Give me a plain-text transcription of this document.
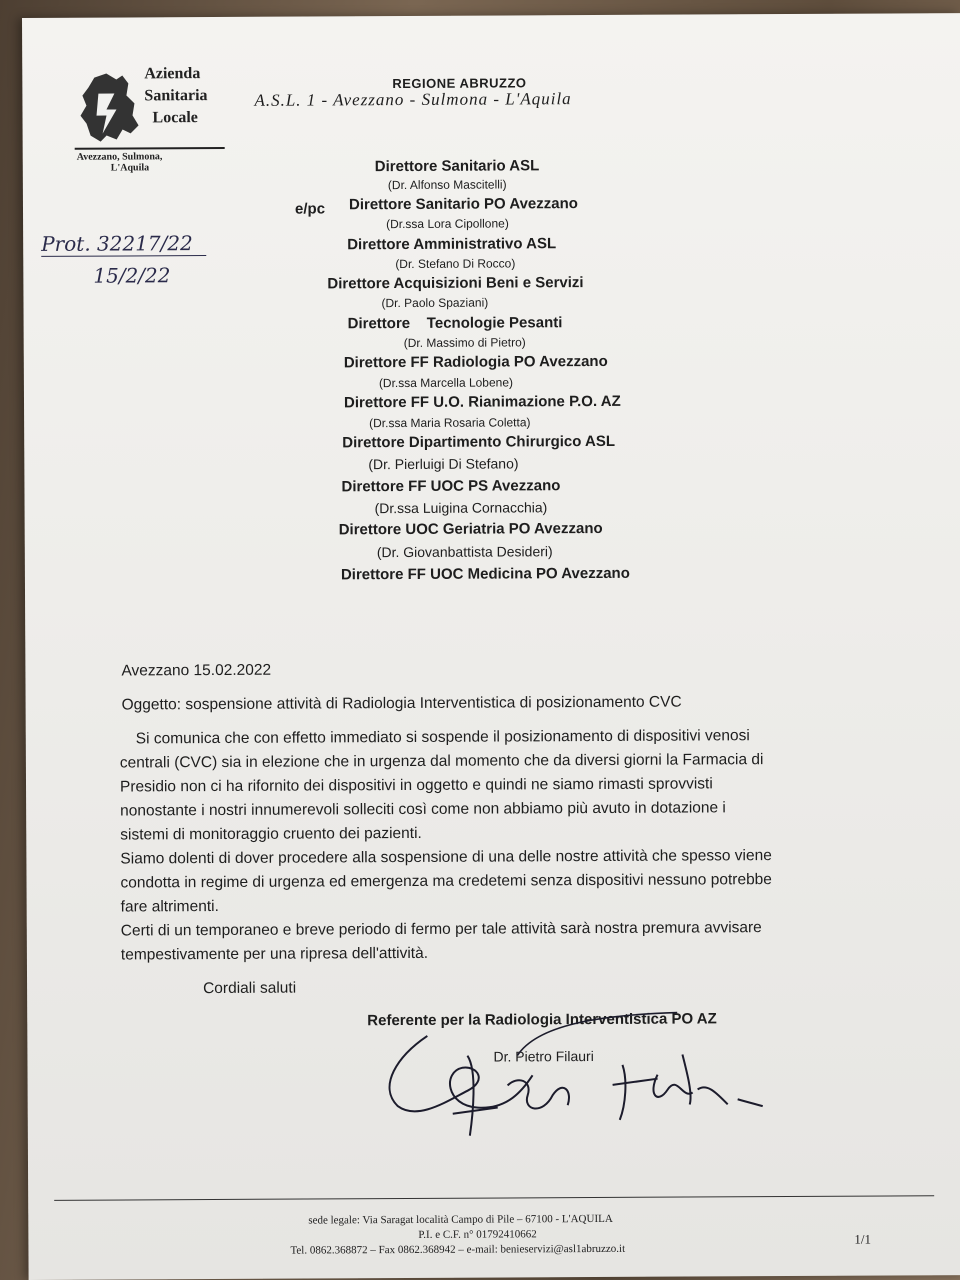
Azienda
Sanitaria
Locale
Avezzano, Sulmona,
L'Aquila
REGIONE ABRUZZO
A.S.L. 1 - Avezzano - Sulmona - L'Aquila
Prot. 32217/22
15/2/22
e/pc
Direttore Sanitario ASL
(Dr. Alfonso Mascitelli)
Direttore Sanitario PO Avezzano
(Dr.ssa Lora Cipollone)
Direttore Amministrativo ASL
(Dr. Stefano Di Rocco)
Direttore Acquisizioni Beni e Servizi
(Dr. Paolo Spaziani)
Direttore    Tecnologie Pesanti
(Dr. Massimo di Pietro)
Direttore FF Radiologia PO Avezzano
(Dr.ssa Marcella Lobene)
Direttore FF U.O. Rianimazione P.O. AZ
(Dr.ssa Maria Rosaria Coletta)
Direttore Dipartimento Chirurgico ASL
(Dr. Pierluigi Di Stefano)
Direttore FF UOC PS Avezzano
(Dr.ssa Luigina Cornacchia)
Direttore UOC Geriatria PO Avezzano
(Dr. Giovanbattista Desideri)
Direttore FF UOC Medicina PO Avezzano
Avezzano 15.02.2022
Oggetto: sospensione attività di Radiologia Interventistica di posizionamento CVC
Si comunica che con effetto immediato si sospende il posizionamento di dispositivi venosi
centrali (CVC) sia in elezione che in urgenza dal momento che da diversi giorni la Farmacia di
Presidio non ci ha rifornito dei dispositivi in oggetto e quindi ne siamo rimasti sprovvisti
nonostante i nostri innumerevoli solleciti così come non abbiamo più avuto in dotazione i
sistemi di monitoraggio cruento dei pazienti.
Siamo dolenti di dover procedere alla sospensione di una delle nostre attività che spesso viene
condotta in regime di urgenza ed emergenza ma credetemi senza dispositivi nessuno potrebbe
fare altrimenti.
Certi di un temporaneo e breve periodo di fermo per tale attività sarà nostra premura avvisare
tempestivamente per una ripresa dell'attività.
Cordiali saluti
Referente per la Radiologia Interventistica PO AZ
Dr. Pietro Filauri
sede legale: Via Saragat località Campo di Pile – 67100 - L'AQUILA
P.I. e C.F. n° 01792410662
Tel. 0862.368872 – Fax 0862.368942 – e-mail: benieservizi@asl1abruzzo.it
1/1
